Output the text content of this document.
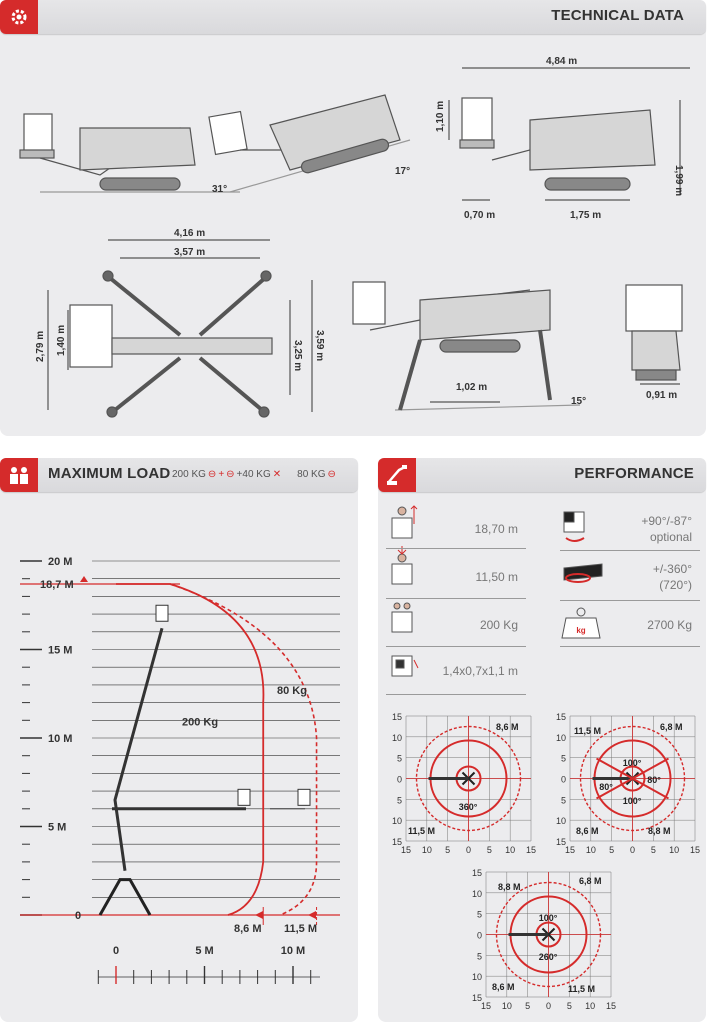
TECHNICAL DATA
31°
17°
4,84 m
1,10 m
1,99 m
0,70 m	1,75 m
4,16 m
3,57 m
2,79 m 1,40 m	3,25 m 3,59 m
1,02 m
15°
0,91 m
MAXIMUM LOAD 200 KG ⊖ + ⊖ +40 KG ✕ 80 KG ⊖
20 M
18,7 M
15 M
10 M
5 M
0
200 Kg
80 Kg
8,6 M 11,5 M
0	5 M	10 M
PERFORMANCE
kg
18,70 m
11,50 m
200 Kg
1,4x0,7x1,1 m
+90°/-87°
optional
+/-360°
(720°)
2700 Kg
15
15
10
10
5
5
0
0
5
5
10
10
15
15
8,6 M
11,5 M
360°
15
15
10
10
5
5
0
0
5
5
10
10
15
15
11,5 M	6,8 M
100°
100°
80°
80°
8,6 M	8,8 M
15
15
10
10
5
5
0
0
5
5
10
10
15
15
8,8 M
6,8 M
100°
260°
8,6 M	11,5 M
